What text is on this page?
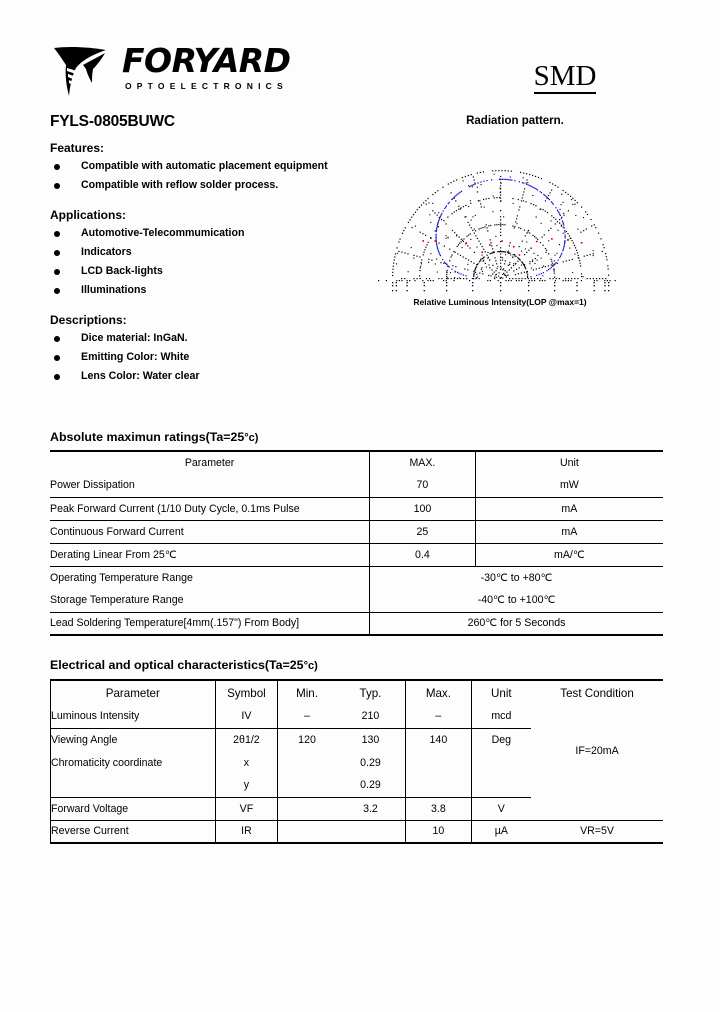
FORYARD
OPTOELECTRONICS	SMD
FYLS-0805BUWC	Radiation pattern.
Features:
Compatible with automatic placement equipment
Compatible with reflow solder process.
Applications:
Automotive-Telecommumication
Indicators
LCD Back-lights
Illuminations
Descriptions:
Dice material: InGaN.
Emitting Color: White
Lens Color: Water clear
Relative Luminous Intensity(LOP @max=1)
Absolute maximun ratings(Ta=25°c)
Parameter	MAX.	Unit
Power Dissipation	70	mW
Peak Forward Current (1/10 Duty Cycle, 0.1ms Pulse	100	mA
Continuous Forward Current	25	mA
Derating Linear From 25℃	0.4	mA/℃
Operating Temperature Range	-30℃ to +80℃	
Storage Temperature Range	-40℃ to +100℃	
Lead Soldering Temperature[4mm(.157") From Body]	260℃ for 5 Seconds	
Electrical and optical characteristics(Ta=25°c)
Parameter	Symbol	Min.	Typ.	Max.	Unit	Test Condition
Luminous Intensity	IV	–	210	–	mcd	IF=20mA
Viewing Angle	2θ1/2	120	130	140	Deg	
Chromaticity coordinate	x		0.29			
	y		0.29			
Forward Voltage	VF		3.2	3.8	V	
Reverse Current	IR			10	µA	VR=5V
